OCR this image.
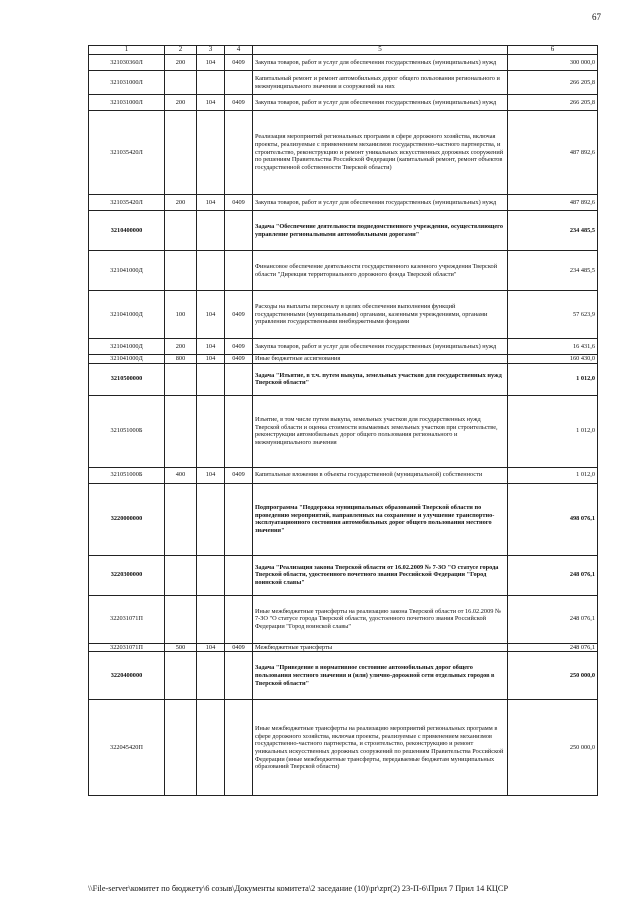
67
1	2	3	4	5	6
321030360Л	200	104	0409	Закупка товаров, работ и услуг для обеспечения государственных (муниципальных) нужд	300 000,0
321031000Л				Капитальный ремонт и ремонт автомобильных дорог общего пользования регионального и межмуниципального значения и сооружений на них	266 205,8
321031000Л	200	104	0409	Закупка товаров, работ и услуг для обеспечения государственных (муниципальных) нужд	266 205,8
321035420Л				Реализация мероприятий региональных программ в сфере дорожного хозяйства, включая проекты, реализуемые с применением механизмов государственно-частного партнерства, и строительство, реконструкцию и ремонт уникальных искусственных дорожных сооружений по решениям Правительства Российской Федерации (капитальный ремонт, ремонт объектов государственной собственности Тверской области)	487 892,6
321035420Л	200	104	0409	Закупка товаров, работ и услуг для обеспечения государственных (муниципальных) нужд	487 892,6
3210400000				Задача "Обеспечение деятельности подведомственного учреждения, осуществляющего управление региональными автомобильными дорогами"	234 485,5
321041000Д				Финансовое обеспечение деятельности государственного казенного учреждения Тверской области "Дирекция территориального дорожного фонда Тверской области"	234 485,5
321041000Д	100	104	0409	Расходы на выплаты персоналу в целях обеспечения выполнения функций государственными (муниципальными) органами, казенными учреждениями, органами управления государственными внебюджетными фондами	57 623,9
321041000Д	200	104	0409	Закупка товаров, работ и услуг для обеспечения государственных (муниципальных) нужд	16 431,6
321041000Д	800	104	0409	Иные бюджетные ассигнования	160 430,0
3210500000				Задача "Изъятие, в т.ч. путем выкупа, земельных участков для государственных нужд Тверской области"	1 012,0
321051000Б				Изъятие, в том числе путем выкупа, земельных участков для государственных нужд Тверской области и оценка стоимости изымаемых земельных участков при строительстве, реконструкции автомобильных дорог общего пользования регионального и межмуниципального значения	1 012,0
321051000Б	400	104	0409	Капитальные вложения в объекты государственной (муниципальной) собственности	1 012,0
3220000000				Подпрограмма "Поддержка муниципальных образований Тверской области по проведению мероприятий, направленных на сохранение и улучшение транспортно-эксплуатационного состояния автомобильных дорог общего пользования местного значения"	498 076,1
3220300000				Задача "Реализация закона Тверской области от 16.02.2009 № 7-ЗО "О статусе города Тверской области, удостоенного почетного звания Российской Федерации "Город воинской славы"	248 076,1
322031071П				Иные межбюджетные трансферты на реализацию закона Тверской области от 16.02.2009 № 7-ЗО "О статусе города Тверской области, удостоенного почетного звания Российской Федерации "Город воинской славы"	248 076,1
322031071П	500	104	0409	Межбюджетные трансферты	248 076,1
3220400000				Задача "Приведение в нормативное состояние автомобильных дорог общего пользования местного значения и (или) улично-дорожной сети отдельных городов в Тверской области"	250 000,0
322045420П				Иные межбюджетные трансферты на реализацию мероприятий региональных программ в сфере дорожного хозяйства, включая проекты, реализуемые с применением механизмов государственно-частного партнерства, и строительство, реконструкцию и ремонт уникальных искусственных дорожных сооружений по решениям Правительства Российской Федерации (иные межбюджетные трансферты, передаваемые бюджетам муниципальных образований Тверской области)	250 000,0
\\File-server\комитет по бюджету\6 созыв\Документы комитета\2 заседание (10)\pr\zpr(2) 23-П-6\Прил 7 Прил 14 КЦСР
